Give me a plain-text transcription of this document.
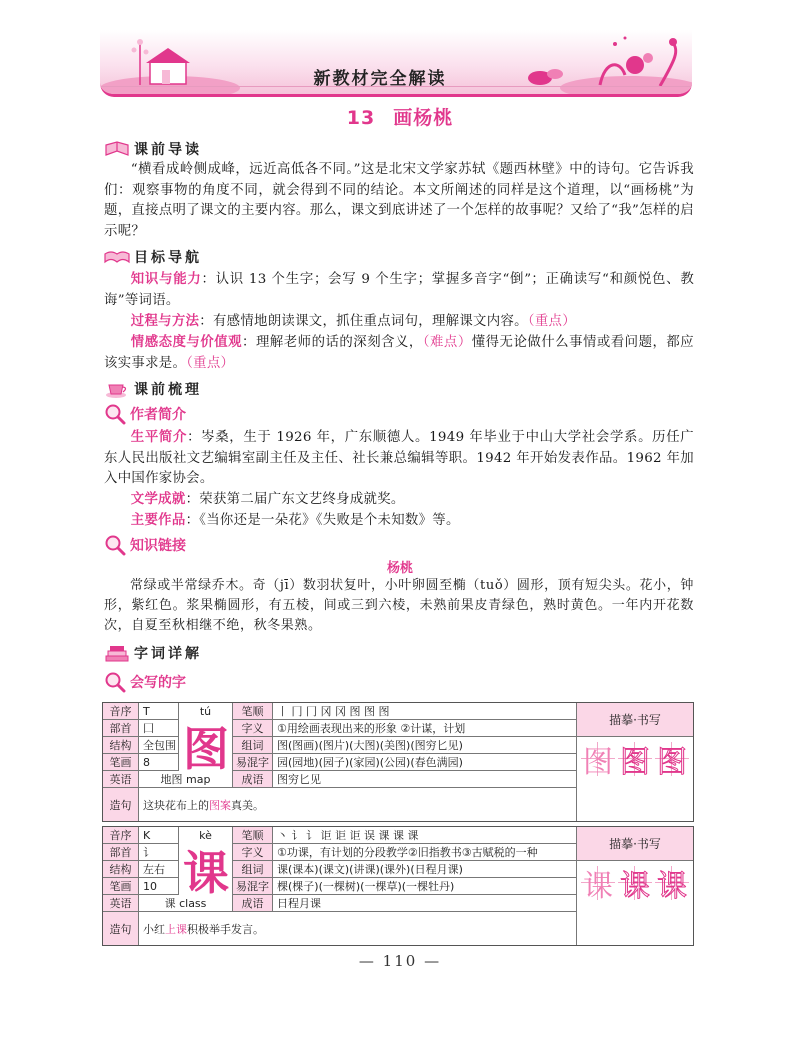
新教材完全解读
13 画杨桃
课前导读
“横看成岭侧成峰，远近高低各不同。”这是北宋文学家苏轼《题西林壁》中的诗句。它告诉我们：观察事物的角度不同，就会得到不同的结论。本文所阐述的同样是这个道理，以“画杨桃”为题，直接点明了课文的主要内容。那么，课文到底讲述了一个怎样的故事呢？又给了“我”怎样的启示呢？
目标导航
知识与能力：认识 13 个生字；会写 9 个生字；掌握多音字“倒”；正确读写“和颜悦色、教诲”等词语。
过程与方法：有感情地朗读课文，抓住重点词句，理解课文内容。（重点）
情感态度与价值观：理解老师的话的深刻含义，（难点）懂得无论做什么事情或看问题，都应该实事求是。（重点）
课前梳理
作者简介
生平简介：岑桑，生于 1926 年，广东顺德人。1949 年毕业于中山大学社会学系。历任广东人民出版社文艺编辑室副主任及主任、社长兼总编辑等职。1942 年开始发表作品。1962 年加入中国作家协会。
文学成就：荣获第二届广东文艺终身成就奖。
主要作品：《当你还是一朵花》《失败是个未知数》等。
知识链接
杨桃
常绿或半常绿乔木。奇（jī）数羽状复叶，小叶卵圆至椭（tuǒ）圆形，顶有短尖头。花小，钟形，紫红色。浆果椭圆形，有五棱，间或三到六棱，未熟前果皮青绿色，熟时黄色。一年内开花数次，自夏至秋相继不绝，秋冬果熟。
字词详解
会写的字
音序
部首
结构
笔画
英语
造句
T	tú
囗
全包围
8
地图 map
这块花布上的 图案 真美。
图
笔顺
字义
组词
易混字
成语
丨 冂 冂 冈 冈 图 图 图
①用绘画表现出来的形象 ②计谋，计划
图(图画)(图片)(大图)(美图)(图穷匕见)
园(园地)(园子)(家园)(公园)(春色满园)
图穷匕见
描摹·书写
图 图 图
音序
部首
结构
笔画
英语
造句
K	kè
讠
左右
10
课 class
小红 上课 积极举手发言。
课
笔顺
字义
组词
易混字
成语
丶 讠 讠 讵 讵 讵 误 课 课 课
①功课，有计划的分段教学②旧指教书③古赋税的一种
课(课本)(课文)(讲课)(课外)(日程月课)
棵(棵子)(一棵树)(一棵草)(一棵牡丹)
日程月课
描摹·书写
课 课 课
— 110 —
